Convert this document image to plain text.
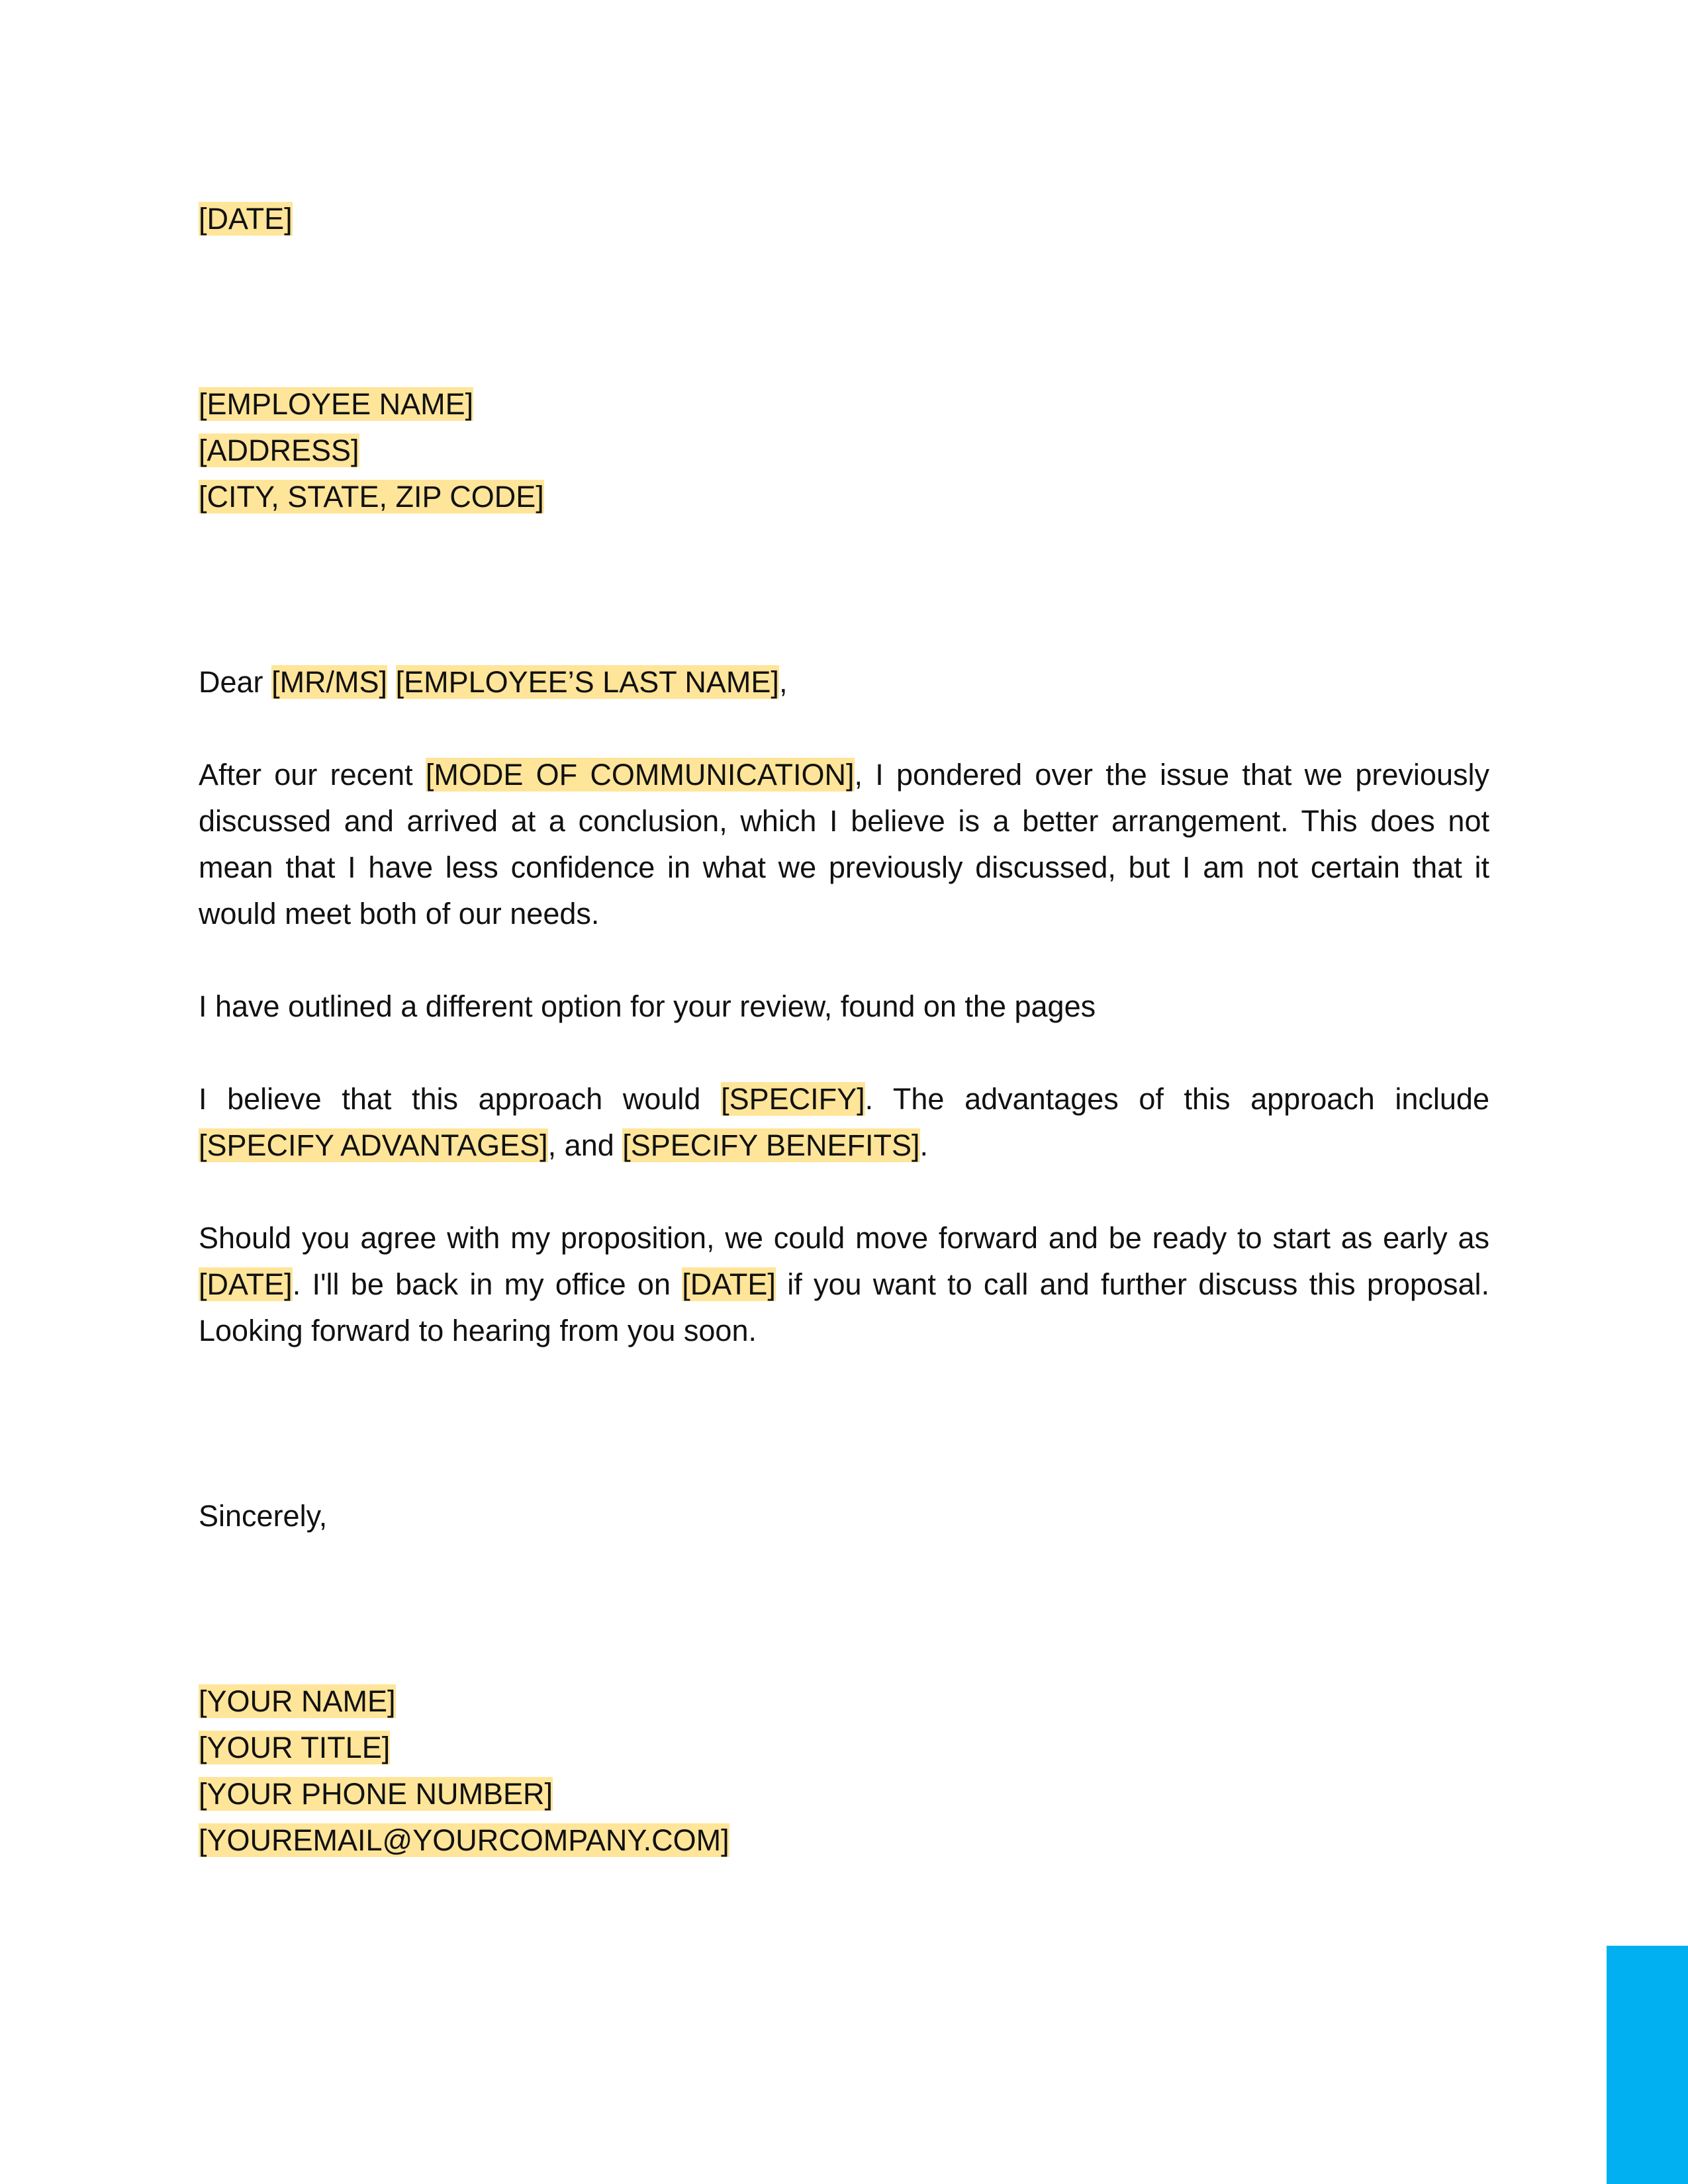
[DATE]
[EMPLOYEE NAME]
[ADDRESS]
[CITY, STATE, ZIP CODE]
Dear [MR/MS] [EMPLOYEE’S LAST NAME],

After our recent [MODE OF COMMUNICATION], I pondered over the issue that we previously discussed and arrived at a conclusion, which I believe is a better arrangement. This does not mean that I have less confidence in what we previously discussed, but I am not certain that it would meet both of our needs.

I have outlined a different option for your review, found on the pages

I believe that this approach would [SPECIFY]. The advantages of this approach include [SPECIFY ADVANTAGES], and [SPECIFY BENEFITS].

Should you agree with my proposition, we could move forward and be ready to start as early as [DATE]. I'll be back in my office on [DATE] if you want to call and further discuss this proposal. Looking forward to hearing from you soon.

Sincerely,
[YOUR NAME]
[YOUR TITLE]
[YOUR PHONE NUMBER]
[YOUREMAIL@YOURCOMPANY.COM]
